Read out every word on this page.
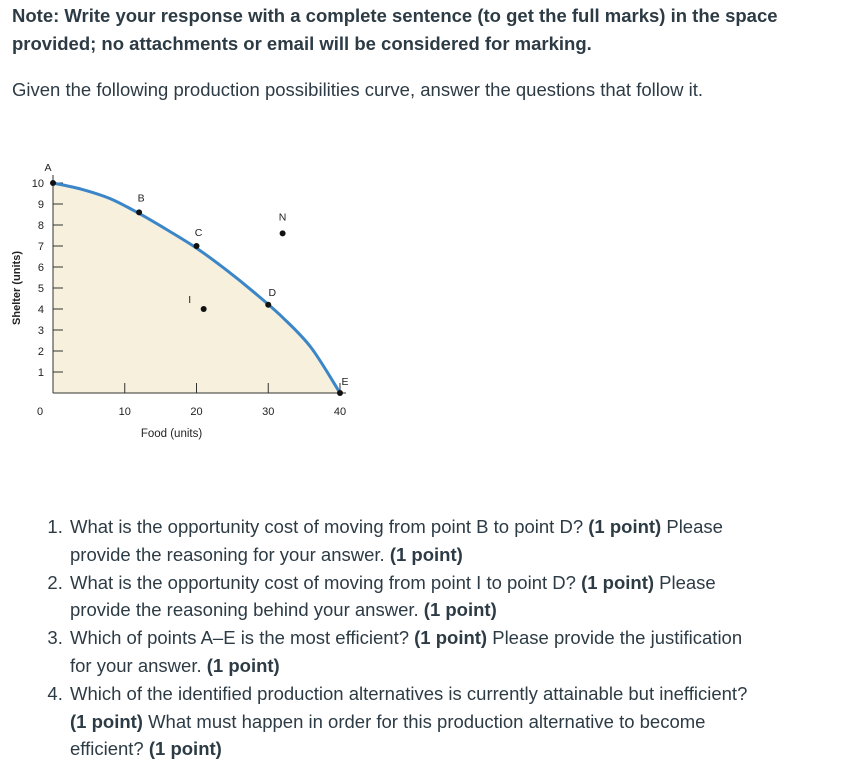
Note: Write your response with a complete sentence (to get the full marks) in the space provided; no attachments or email will be considered for marking.
Given the following production possibilities curve, answer the questions that follow it.
1
2
3
4
5
6
7
8
9
10
10	20	30	40
0
Food (units)
Shelter (units)
A
B
C
D
E
I
N
1. What is the opportunity cost of moving from point B to point D? (1 point) Please provide the reasoning for your answer. (1 point)
2. What is the opportunity cost of moving from point I to point D? (1 point) Please provide the reasoning behind your answer. (1 point)
3. Which of points A–E is the most efficient? (1 point) Please provide the justification for your answer. (1 point)
4. Which of the identified production alternatives is currently attainable but inefficient? (1 point) What must happen in order for this production alternative to become efficient? (1 point)
